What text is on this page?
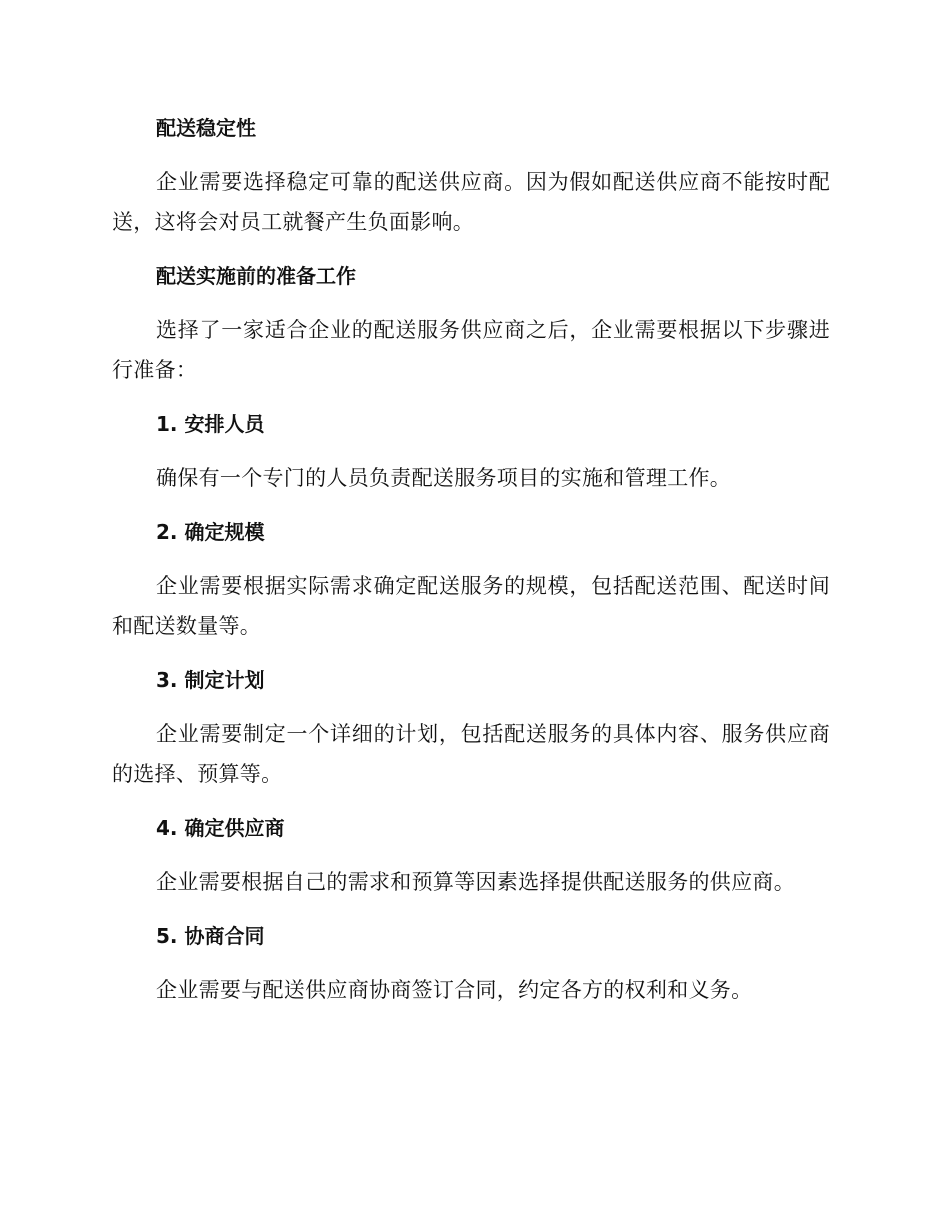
配送稳定性
企业需要选择稳定可靠的配送供应商。因为假如配送供应商不能按时配送，这将会对员工就餐产生负面影响。
配送实施前的准备工作
选择了一家适合企业的配送服务供应商之后，企业需要根据以下步骤进行准备：
1. 安排人员
确保有一个专门的人员负责配送服务项目的实施和管理工作。
2. 确定规模
企业需要根据实际需求确定配送服务的规模，包括配送范围、配送时间和配送数量等。
3. 制定计划
企业需要制定一个详细的计划，包括配送服务的具体内容、服务供应商的选择、预算等。
4. 确定供应商
企业需要根据自己的需求和预算等因素选择提供配送服务的供应商。
5. 协商合同
企业需要与配送供应商协商签订合同，约定各方的权利和义务。
